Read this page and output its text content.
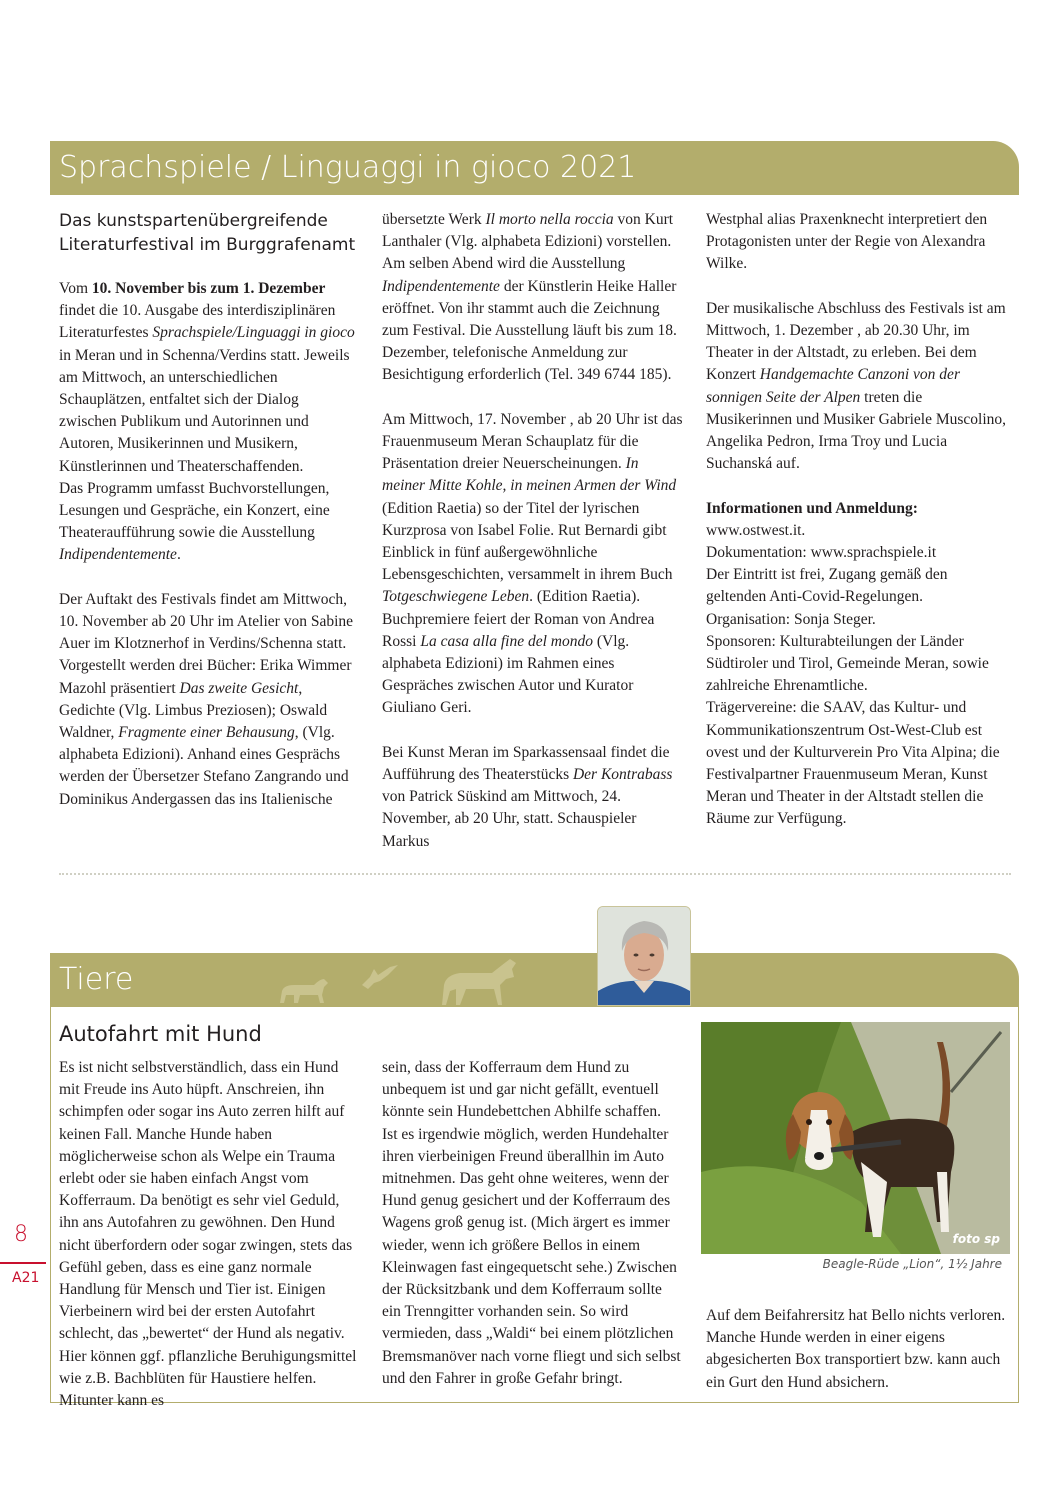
Sprachspiele / Linguaggi in gioco 2021
Das kunstspartenübergreifende
Literaturfestival im Burggrafenamt

Vom 10. November bis zum 1. Dezember findet die 10. Ausgabe des interdisziplinären Literaturfestes Sprachspiele/Linguaggi in gioco in Meran und in Schenna/Verdins statt. Jeweils am Mittwoch, an unterschiedlichen Schauplätzen, entfaltet sich der Dialog zwischen Publikum und Autorinnen und Autoren, Musikerinnen und Musikern, Künstlerinnen und Theaterschaffenden.

Das Programm umfasst Buchvorstellungen, Lesungen und Gespräche, ein Konzert, eine Theateraufführung sowie die Ausstellung Indipendentemente.

Der Auftakt des Festivals findet am Mittwoch, 10. November ab 20 Uhr im Atelier von Sabine Auer im Klotznerhof in Verdins/Schenna statt. Vorgestellt werden drei Bücher: Erika Wimmer Mazohl präsentiert Das zweite Gesicht, Gedichte (Vlg. Limbus Preziosen); Oswald Waldner, Fragmente einer Behausung, (Vlg. alphabeta Edizioni). Anhand eines Gesprächs werden der Übersetzer Stefano Zangrando und Dominikus Andergassen das ins Italienische

übersetzte Werk Il morto nella roccia von Kurt Lanthaler (Vlg. alphabeta Edizioni) vorstellen. Am selben Abend wird die Ausstellung Indipendentemente der Künstlerin Heike Haller eröffnet. Von ihr stammt auch die Zeichnung zum Festival. Die Ausstellung läuft bis zum 18. Dezember, telefonische Anmeldung zur Besichtigung erforderlich (Tel. 349 6744 185).

Am Mittwoch, 17. November , ab 20 Uhr ist das Frauenmuseum Meran Schauplatz für die Präsentation dreier Neuerscheinungen. In meiner Mitte Kohle, in meinen Armen der Wind (Edition Raetia) so der Titel der lyrischen Kurzprosa von Isabel Folie. Rut Bernardi gibt Einblick in fünf außergewöhnliche Lebensgeschichten, versammelt in ihrem Buch Totgeschwiegene Leben. (Edition Raetia). Buchpremiere feiert der Roman von Andrea Rossi La casa alla fine del mondo (Vlg. alphabeta Edizioni) im Rahmen eines Gespräches zwischen Autor und Kurator Giuliano Geri.

Bei Kunst Meran im Sparkassensaal findet die Aufführung des Theaterstücks Der Kontrabass von Patrick Süskind am Mittwoch, 24. November, ab 20 Uhr, statt. Schauspieler Markus

Westphal alias Praxenknecht interpretiert den Protagonisten unter der Regie von Alexandra Wilke.

Der musikalische Abschluss des Festivals ist am Mittwoch, 1. Dezember , ab 20.30 Uhr, im Theater in der Altstadt, zu erleben. Bei dem Konzert Handgemachte Canzoni von der sonnigen Seite der Alpen treten die Musikerinnen und Musiker Gabriele Muscolino, Angelika Pedron, Irma Troy und Lucia Suchanská auf.

Informationen und Anmeldung:
www.ostwest.it.
Dokumentation: www.sprachspiele.it
Der Eintritt ist frei, Zugang gemäß den geltenden Anti-Covid-Regelungen.
Organisation: Sonja Steger.
Sponsoren: Kulturabteilungen der Länder Südtiroler und Tirol, Gemeinde Meran, sowie zahlreiche Ehrenamtliche.
Trägervereine: die SAAV, das Kultur- und Kommunikationszentrum Ost-West-Club est ovest und der Kulturverein Pro Vita Alpina; die Festivalpartner Frauenmuseum Meran, Kunst Meran und Theater in der Altstadt stellen die Räume zur Verfügung.
Tiere
Autofahrt mit Hund

Es ist nicht selbstverständlich, dass ein Hund mit Freude ins Auto hüpft. Anschreien, ihn schimpfen oder sogar ins Auto zerren hilft auf keinen Fall. Manche Hunde haben möglicherweise schon als Welpe ein Trauma erlebt oder sie haben einfach Angst vom Kofferraum. Da benötigt es sehr viel Geduld, ihn ans Autofahren zu gewöhnen. Den Hund nicht überfordern oder sogar zwingen, stets das Gefühl geben, dass es eine ganz normale Handlung für Mensch und Tier ist. Einigen Vierbeinern wird bei der ersten Autofahrt schlecht, das „bewertet“ der Hund als negativ. Hier können ggf. pflanzliche Beruhigungsmittel wie z.B. Bachblüten für Haustiere helfen. Mitunter kann es

sein, dass der Kofferraum dem Hund zu unbequem ist und gar nicht gefällt, eventuell könnte sein Hundebettchen Abhilfe schaffen.

Ist es irgendwie möglich, werden Hundehalter ihren vierbeinigen Freund überallhin im Auto mitnehmen. Das geht ohne weiteres, wenn der Hund genug gesichert und der Kofferraum des Wagens groß genug ist. (Mich ärgert es immer wieder, wenn ich größere Bellos in einem Kleinwagen fast eingequetscht sehe.) Zwischen der Rücksitzbank und dem Kofferraum sollte ein Trenngitter vorhanden sein. So wird vermieden, dass „Waldi“ bei einem plötzlichen Bremsmanöver nach vorne fliegt und sich selbst und den Fahrer in große Gefahr bringt.

foto sp
Beagle-Rüde „Lion“, 1½ Jahre

Auf dem Beifahrersitz hat Bello nichts verloren. Manche Hunde werden in einer eigens abgesicherten Box transportiert bzw. kann auch ein Gurt den Hund absichern.

8
A21
